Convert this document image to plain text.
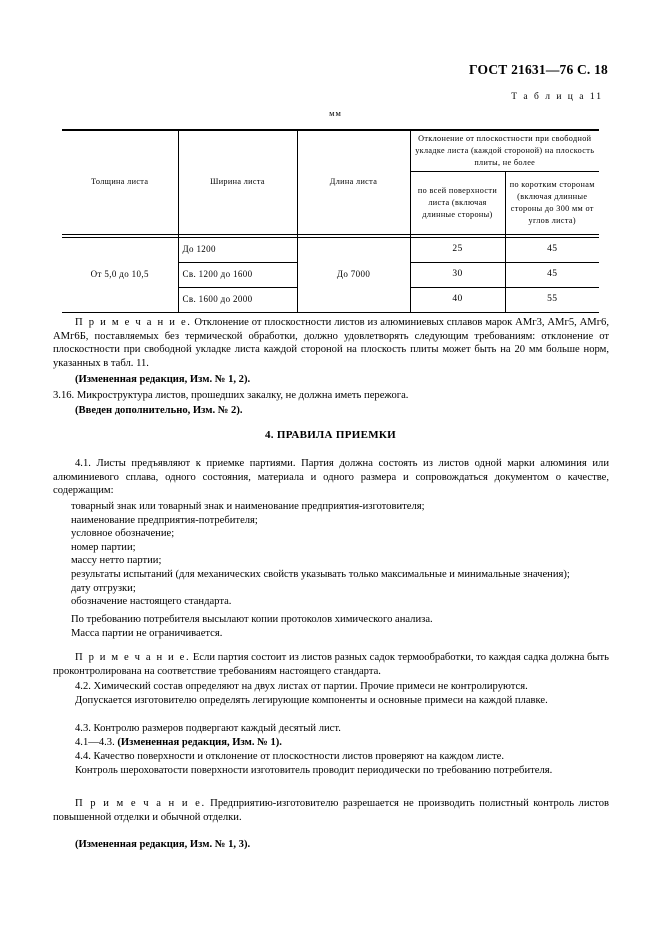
ГОСТ 21631—76 С. 18
Т а б л и ц а 11
мм
Толщина листа	Ширина листа	Длина листа	Отклонение от плоскостности при свободной укладке листа (каждой стороной) на плоскость плиты, не более	
			по всей поверхности листа (включая длинные стороны)	по коротким сторонам (включая длинные стороны до 300 мм от углов листа)

От 5,0 до 10,5	До 1200	До 7000	25	45
	Св. 1200 до 1600		30	45
	Св. 1600 до 2000		40	55
П р и м е ч а н и е. Отклонение от плоскостности листов из алюминиевых сплавов марок АМг3, АМг5, АМг6, АМг6Б, поставляемых без термической обработки, должно удовлетворять следующим требованиям: отклонение от плоскостности при свободной укладке листа каждой стороной на плоскость плиты может быть на 20 мм больше норм, указанных в табл. 11.
(Измененная редакция, Изм. № 1, 2).
3.16. Микроструктура листов, прошедших закалку, не должна иметь пережога.
(Введен дополнительно, Изм. № 2).
4. ПРАВИЛА ПРИЕМКИ
4.1. Листы предъявляют к приемке партиями. Партия должна состоять из листов одной марки алюминия или алюминиевого сплава, одного состояния, материала и одного размера и сопровождаться документом о качестве, содержащим:

товарный знак или товарный знак и наименование предприятия-изготовителя;

наименование предприятия-потребителя;

условное обозначение;

номер партии;

массу нетто партии;

результаты испытаний (для механических свойств указывать только максимальные и минимальные значения);

дату отгрузки;

обозначение настоящего стандарта.

По требованию потребителя высылают копии протоколов химического анализа.
Масса партии не ограничивается.
П р и м е ч а н и е. Если партия состоит из листов разных садок термообработки, то каждая садка должна быть проконтролирована на соответствие требованиям настоящего стандарта.
4.2. Химический состав определяют на двух листах от партии. Прочие примеси не контролируются.
Допускается изготовителю определять легирующие компоненты и основные примеси на каждой плавке.
4.3. Контролю размеров подвергают каждый десятый лист.
4.1—4.3. (Измененная редакция, Изм. № 1).
4.4. Качество поверхности и отклонение от плоскостности листов проверяют на каждом листе.
Контроль шероховатости поверхности изготовитель проводит периодически по требованию потребителя.
П р и м е ч а н и е. Предприятию-изготовителю разрешается не производить полистный контроль листов повышенной отделки и обычной отделки.
(Измененная редакция, Изм. № 1, 3).
